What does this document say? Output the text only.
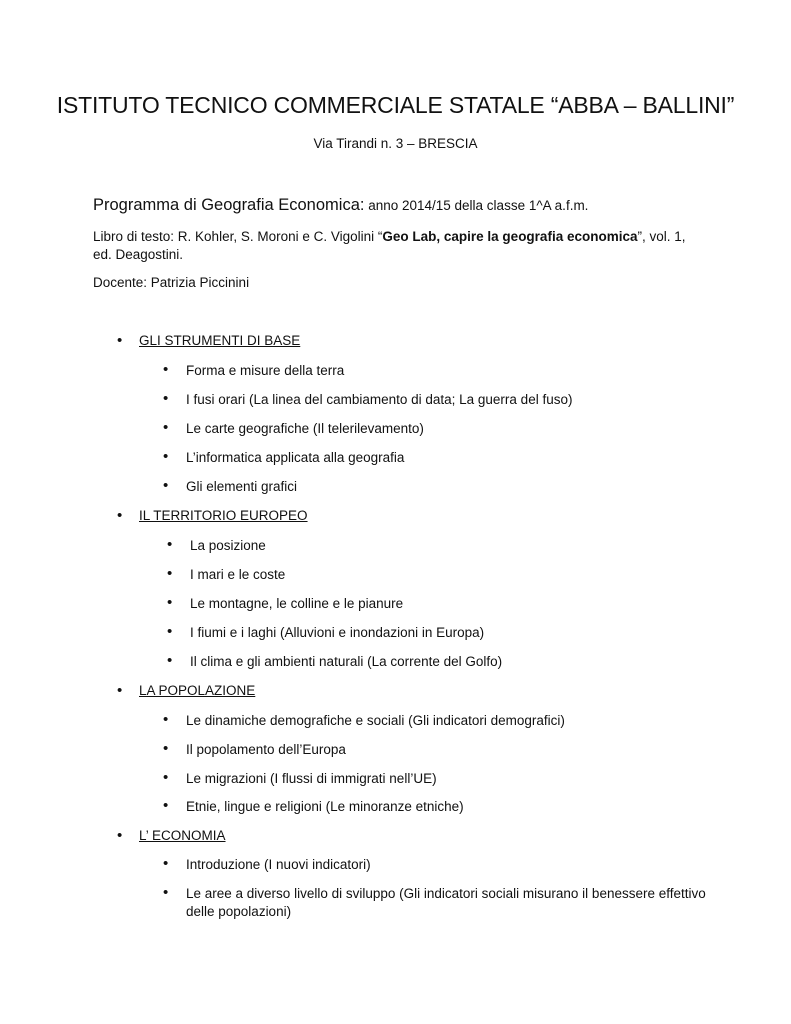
ISTITUTO TECNICO COMMERCIALE STATALE “ABBA – BALLINI”
Via Tirandi n. 3 – BRESCIA
Programma di Geografia Economica: anno 2014/15 della classe 1^A a.f.m.
Libro di testo: R. Kohler, S. Moroni e C. Vigolini “Geo Lab, capire la geografia economica”, vol. 1, ed. Deagostini.
Docente: Patrizia Piccinini
• GLI STRUMENTI DI BASE
• Forma e misure della terra
• I fusi orari (La linea del cambiamento di data; La guerra del fuso)
• Le carte geografiche (Il telerilevamento)
• L’informatica applicata alla geografia
• Gli elementi grafici
• IL TERRITORIO EUROPEO
• La posizione
• I mari e le coste
• Le montagne, le colline e le pianure
• I fiumi e i laghi (Alluvioni e inondazioni in Europa)
• Il clima e gli ambienti naturali (La corrente del Golfo)
• LA POPOLAZIONE
• Le dinamiche demografiche e sociali (Gli indicatori demografici)
• Il popolamento dell’Europa
• Le migrazioni (I flussi di immigrati nell’UE)
• Etnie, lingue e religioni (Le minoranze etniche)
• L’ ECONOMIA
• Introduzione (I nuovi indicatori)
• Le aree a diverso livello di sviluppo (Gli indicatori sociali misurano il benessere effettivo delle popolazioni)
